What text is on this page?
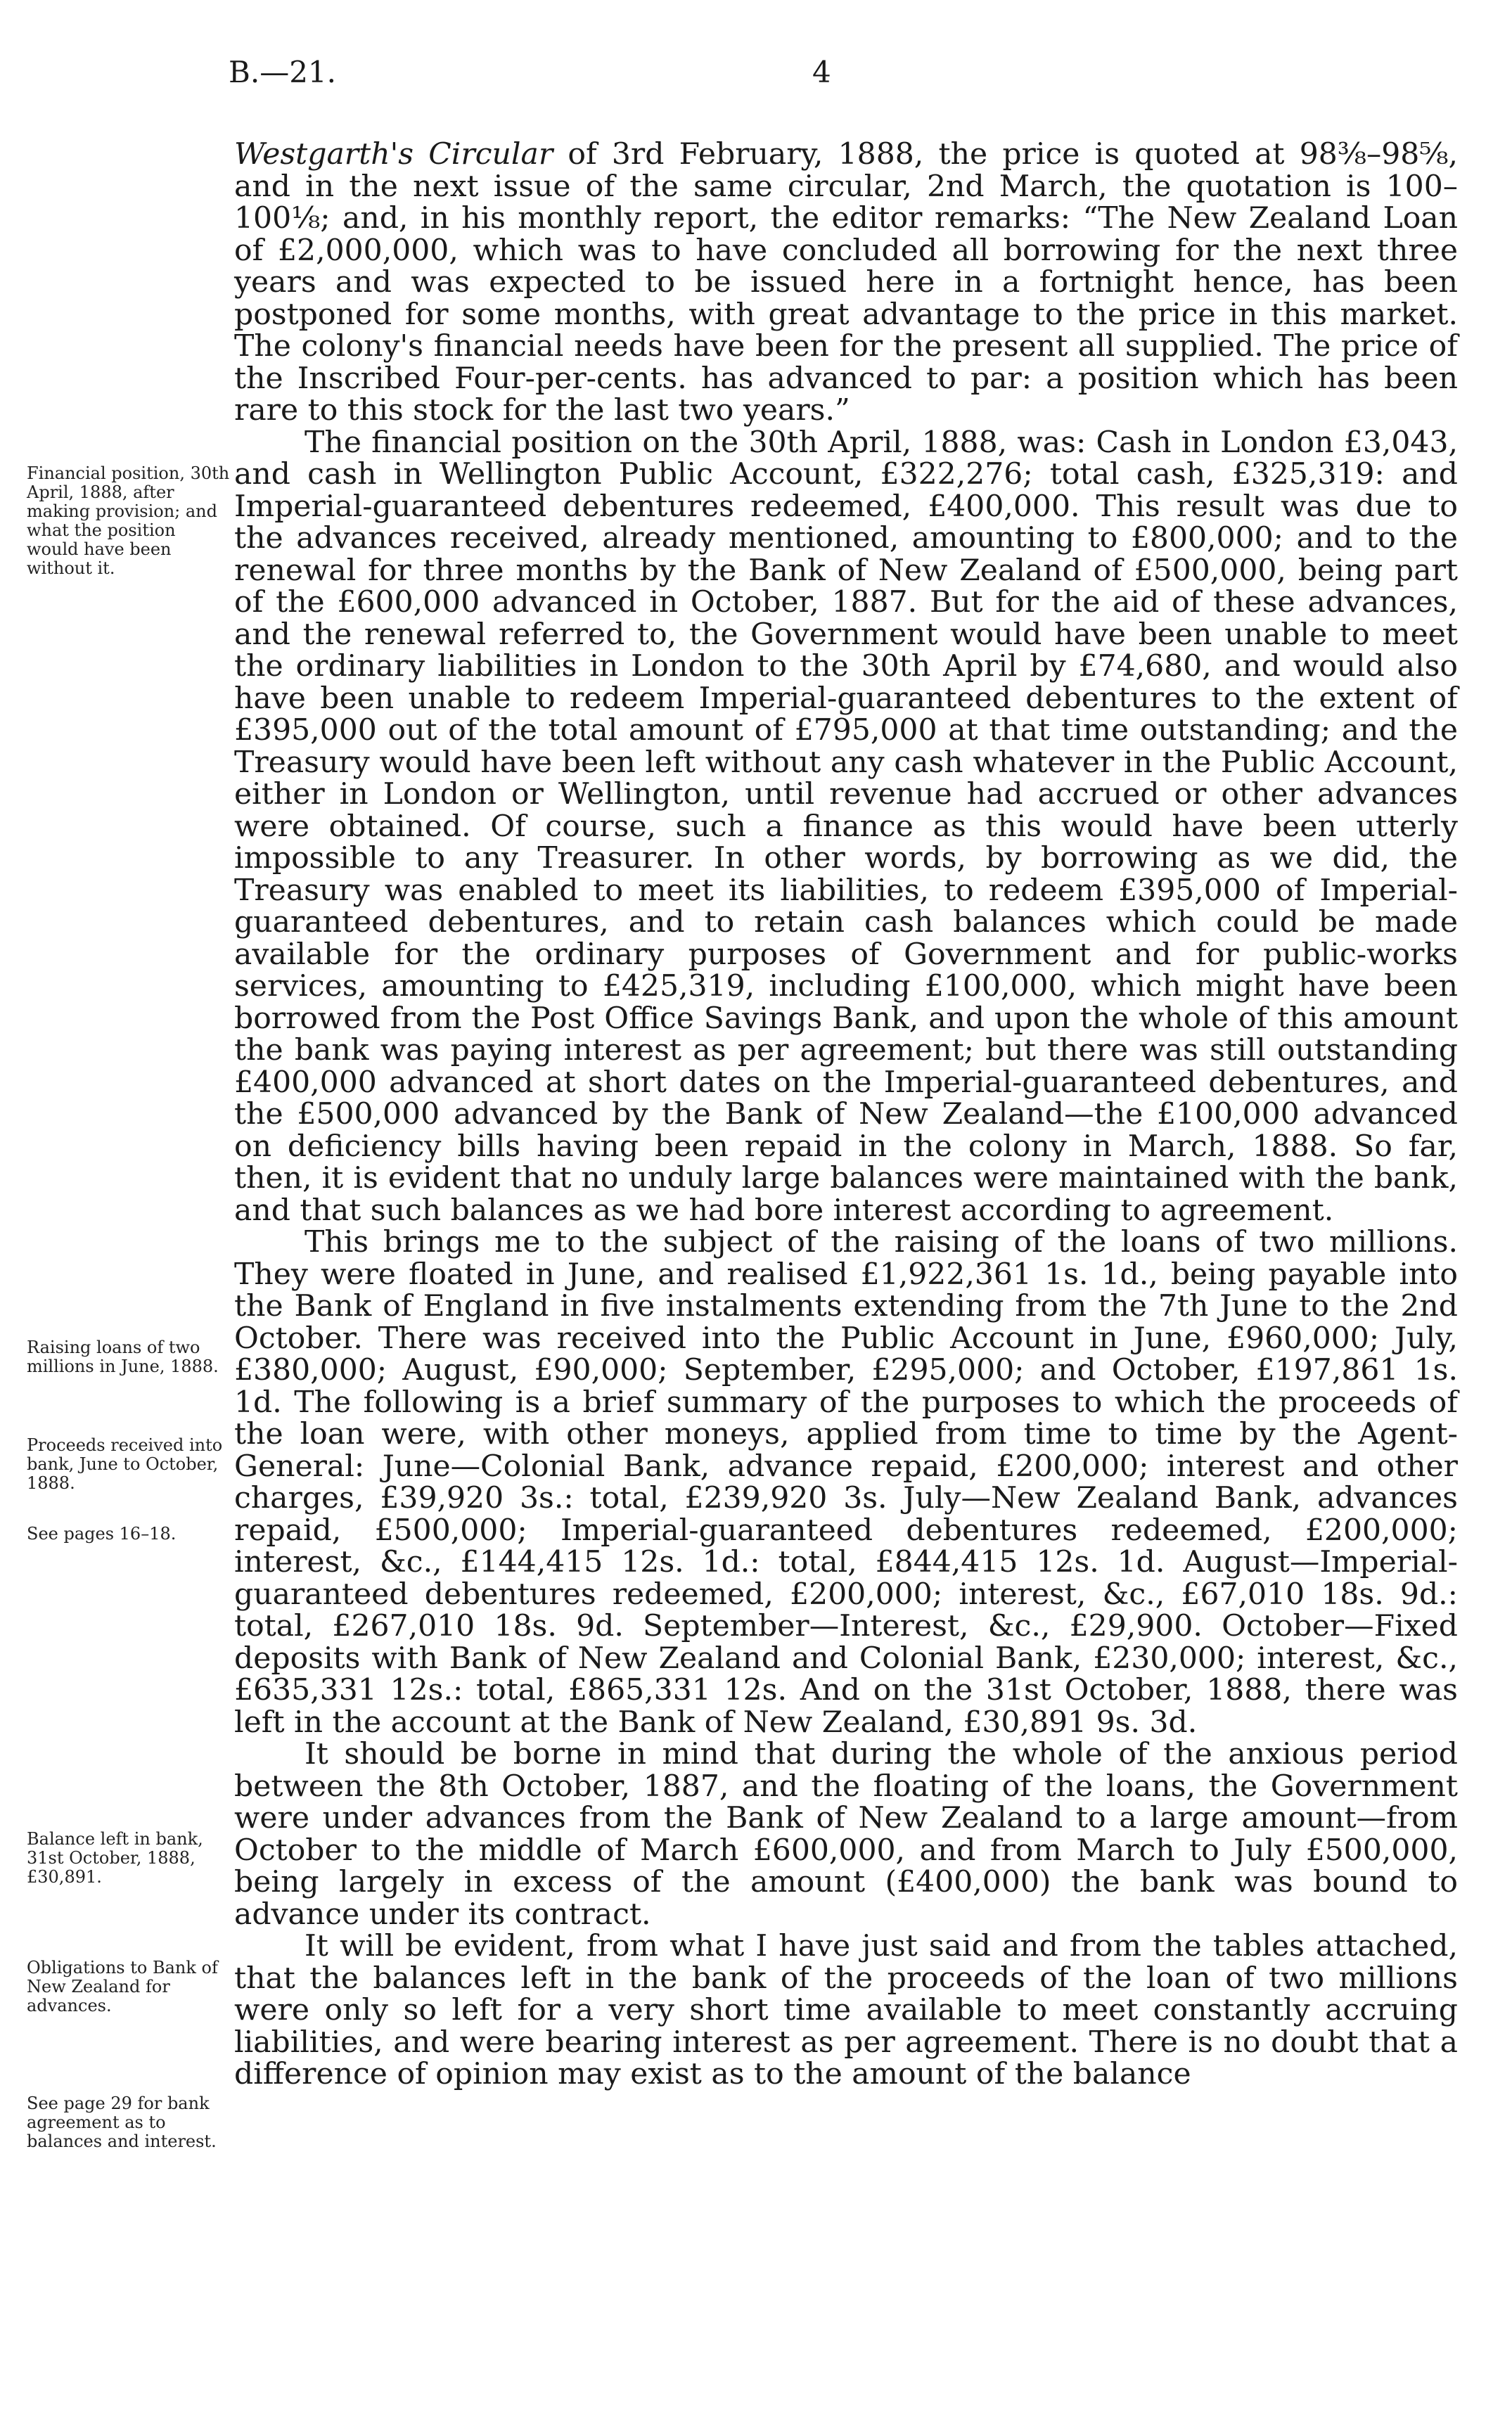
B.—21.	4
Financial position, 30th April, 1888, after making provision; and what the position would have been without it.
Raising loans of two millions in June, 1888.
Proceeds received into bank, June to October, 1888.
See pages 16–18.
Balance left in bank, 31st October, 1888, £30,891.
Obligations to Bank of New Zealand for advances.
See page 29 for bank agreement as to balances and interest.

Westgarth's Circular of 3rd February, 1888, the price is quoted at 98⅜–98⅝, and in the next issue of the same circular, 2nd March, the quotation is 100–100⅛; and, in his monthly report, the editor remarks: “The New Zealand Loan of £2,000,000, which was to have concluded all borrowing for the next three years and was expected to be issued here in a fortnight hence, has been postponed for some months, with great advantage to the price in this market. The colony's financial needs have been for the present all supplied. The price of the Inscribed Four-per-cents. has advanced to par: a position which has been rare to this stock for the last two years.”

The financial position on the 30th April, 1888, was: Cash in London £3,043, and cash in Wellington Public Account, £322,276; total cash, £325,319: and Imperial-guaranteed debentures redeemed, £400,000. This result was due to the advances received, already mentioned, amounting to £800,000; and to the renewal for three months by the Bank of New Zealand of £500,000, being part of the £600,000 advanced in October, 1887. But for the aid of these advances, and the renewal referred to, the Government would have been unable to meet the ordinary liabilities in London to the 30th April by £74,680, and would also have been unable to redeem Imperial-guaranteed debentures to the extent of £395,000 out of the total amount of £795,000 at that time outstanding; and the Treasury would have been left without any cash whatever in the Public Account, either in London or Wellington, until revenue had accrued or other advances were obtained. Of course, such a finance as this would have been utterly impossible to any Treasurer. In other words, by borrowing as we did, the Treasury was enabled to meet its liabilities, to redeem £395,000 of Imperial-guaranteed debentures, and to retain cash balances which could be made available for the ordinary purposes of Government and for public-works services, amounting to £425,319, including £100,000, which might have been borrowed from the Post Office Savings Bank, and upon the whole of this amount the bank was paying interest as per agreement; but there was still outstanding £400,000 advanced at short dates on the Imperial-guaranteed debentures, and the £500,000 advanced by the Bank of New Zealand—the £100,000 advanced on deficiency bills having been repaid in the colony in March, 1888. So far, then, it is evident that no unduly large balances were maintained with the bank, and that such balances as we had bore interest according to agreement.

This brings me to the subject of the raising of the loans of two millions. They were floated in June, and realised £1,922,361 1s. 1d., being payable into the Bank of England in five instalments extending from the 7th June to the 2nd October. There was received into the Public Account in June, £960,000; July, £380,000; August, £90,000; September, £295,000; and October, £197,861 1s. 1d. The following is a brief summary of the purposes to which the proceeds of the loan were, with other moneys, applied from time to time by the Agent-General: June—Colonial Bank, advance repaid, £200,000; interest and other charges, £39,920 3s.: total, £239,920 3s. July—New Zealand Bank, advances repaid, £500,000; Imperial-guaranteed debentures redeemed, £200,000; interest, &c., £144,415 12s. 1d.: total, £844,415 12s. 1d. August—Imperial-guaranteed debentures redeemed, £200,000; interest, &c., £67,010 18s. 9d.: total, £267,010 18s. 9d. September—Interest, &c., £29,900. October—Fixed deposits with Bank of New Zealand and Colonial Bank, £230,000; interest, &c., £635,331 12s.: total, £865,331 12s. And on the 31st October, 1888, there was left in the account at the Bank of New Zealand, £30,891 9s. 3d.

It should be borne in mind that during the whole of the anxious period between the 8th October, 1887, and the floating of the loans, the Government were under advances from the Bank of New Zealand to a large amount—from October to the middle of March £600,000, and from March to July £500,000, being largely in excess of the amount (£400,000) the bank was bound to advance under its contract.

It will be evident, from what I have just said and from the tables attached, that the balances left in the bank of the proceeds of the loan of two millions were only so left for a very short time available to meet constantly accruing liabilities, and were bearing interest as per agreement. There is no doubt that a difference of opinion may exist as to the amount of the balance
